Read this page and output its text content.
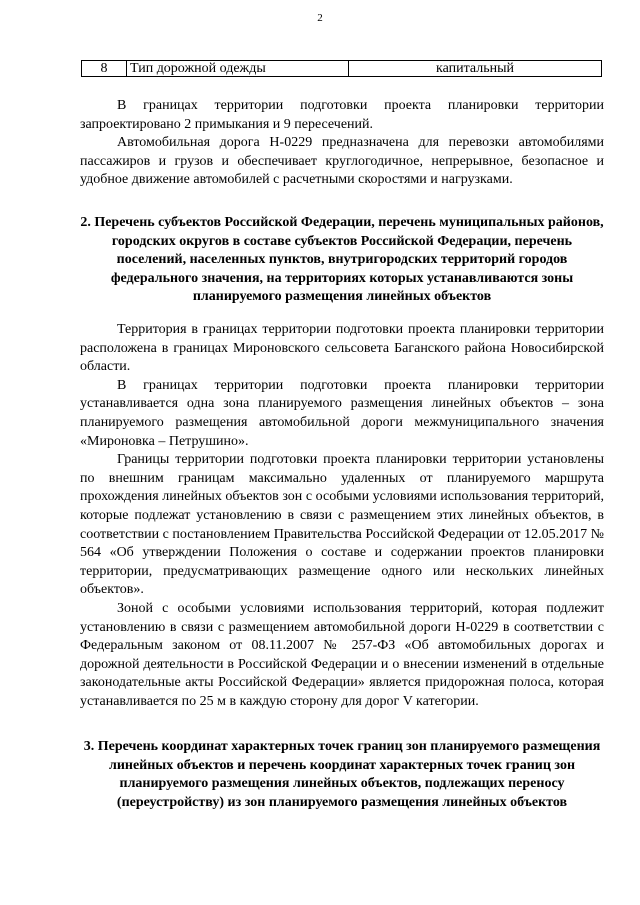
2
8	Тип дорожной одежды	капитальный

В границах территории подготовки проекта планировки территории запроектировано 2 примыкания и 9 пересечений.

Автомобильная дорога Н-0229 предназначена для перевозки автомобилями пассажиров и грузов и обеспечивает круглогодичное, непрерывное, безопасное и удобное движение автомобилей с расчетными скоростями и нагрузками.

2. Перечень субъектов Российской Федерации, перечень муниципальных районов, городских округов в составе субъектов Российской Федерации, перечень поселений, населенных пунктов, внутригородских территорий городов федерального значения, на территориях которых устанавливаются зоны планируемого размещения линейных объектов

Территория в границах территории подготовки проекта планировки территории расположена в границах Мироновского сельсовета Баганского района Новосибирской области.

В границах территории подготовки проекта планировки территории устанавливается одна зона планируемого размещения линейных объектов – зона планируемого размещения автомобильной дороги межмуниципального значения «Мироновка – Петрушино».

Границы территории подготовки проекта планировки территории установлены по внешним границам максимально удаленных от планируемого маршрута прохождения линейных объектов зон с особыми условиями использования территорий, которые подлежат установлению в связи с размещением этих линейных объектов, в соответствии с постановлением Правительства Российской Федерации от 12.05.2017 № 564 «Об утверждении Положения о составе и содержании проектов планировки территории, предусматривающих размещение одного или нескольких линейных объектов».

Зоной с особыми условиями использования территорий, которая подлежит установлению в связи с размещением автомобильной дороги Н-0229 в соответствии с Федеральным законом от 08.11.2007 № 257-ФЗ «Об автомобильных дорогах и дорожной деятельности в Российской Федерации и о внесении изменений в отдельные законодательные акты Российской Федерации» является придорожная полоса, которая устанавливается по 25 м в каждую сторону для дорог V категории.

3. Перечень координат характерных точек границ зон планируемого размещения линейных объектов и перечень координат характерных точек границ зон планируемого размещения линейных объектов, подлежащих переносу (переустройству) из зон планируемого размещения линейных объектов
